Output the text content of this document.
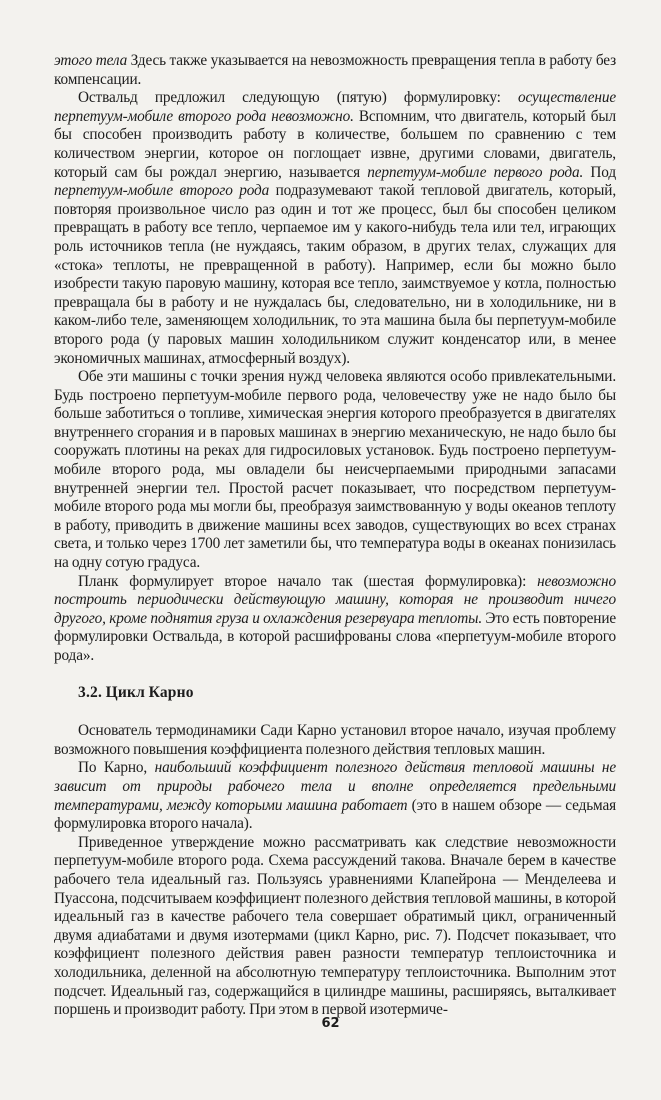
этого тела Здесь также указывается на невозможность превращения тепла в работу без компенсации.

Оствальд предложил следующую (пятую) формулировку: осуществление перпетуум-мобиле второго рода невозможно. Вспомним, что двигатель, который был бы способен производить работу в количестве, большем по сравнению с тем количеством энергии, которое он поглощает извне, другими словами, двигатель, который сам бы рождал энергию, называется перпетуум-мобиле первого рода. Под перпетуум-мобиле второго рода подразумевают такой тепловой двигатель, который, повторяя произвольное число раз один и тот же процесс, был бы способен целиком превращать в работу все тепло, черпаемое им у какого-нибудь тела или тел, играющих роль источников тепла (не нуждаясь, таким образом, в других телах, служащих для «стока» теплоты, не превращенной в работу). Например, если бы можно было изобрести такую паровую машину, которая все тепло, заимствуемое у котла, полностью превращала бы в работу и не нуждалась бы, следовательно, ни в холодильнике, ни в каком-либо теле, заменяющем холодильник, то эта машина была бы перпетуум-мобиле второго рода (у паровых машин холодильником служит конденсатор или, в менее экономичных машинах, атмосферный воздух).

Обе эти машины с точки зрения нужд человека являются особо привлекательными. Будь построено перпетуум-мобиле первого рода, человечеству уже не надо было бы больше заботиться о топливе, химическая энергия которого преобразуется в двигателях внутреннего сгорания и в паровых машинах в энергию механическую, не надо было бы сооружать плотины на реках для гидросиловых установок. Будь построено перпетуум-мобиле второго рода, мы овладели бы неисчерпаемыми природными запасами внутренней энергии тел. Простой расчет показывает, что посредством перпетуум-мобиле второго рода мы могли бы, преобразуя заимствованную у воды океанов теплоту в работу, приводить в движение машины всех заводов, существующих во всех странах света, и только через 1700 лет заметили бы, что температура воды в океанах понизилась на одну сотую градуса.

Планк формулирует второе начало так (шестая формулировка): невозможно построить периодически действующую машину, которая не производит ничего другого, кроме поднятия груза и охлаждения резервуара теплоты. Это есть повторение формулировки Оствальда, в которой расшифрованы слова «перпетуум-мобиле второго рода».

3.2. Цикл Карно

Основатель термодинамики Сади Карно установил второе начало, изучая проблему возможного повышения коэффициента полезного действия тепловых машин.

По Карно, наибольший коэффициент полезного действия тепловой машины не зависит от природы рабочего тела и вполне определяется предельными температурами, между которыми машина работает (это в нашем обзоре — седьмая формулировка второго начала).

Приведенное утверждение можно рассматривать как следствие невозможности перпетуум-мобиле второго рода. Схема рассуждений такова. Вначале берем в качестве рабочего тела идеальный газ. Пользуясь уравнениями Клапейрона — Менделеева и Пуассона, подсчитываем коэффициент полезного действия тепловой машины, в которой идеальный газ в качестве рабочего тела совершает обратимый цикл, ограниченный двумя адиабатами и двумя изотермами (цикл Карно, рис. 7). Подсчет показывает, что коэффициент полезного действия равен разности температур теплоисточника и холодильника, деленной на абсолютную температуру теплоисточника. Выполним этот подсчет. Идеальный газ, содержащийся в цилиндре машины, расширяясь, выталкивает поршень и производит работу. При этом в первой изотермиче-

62
